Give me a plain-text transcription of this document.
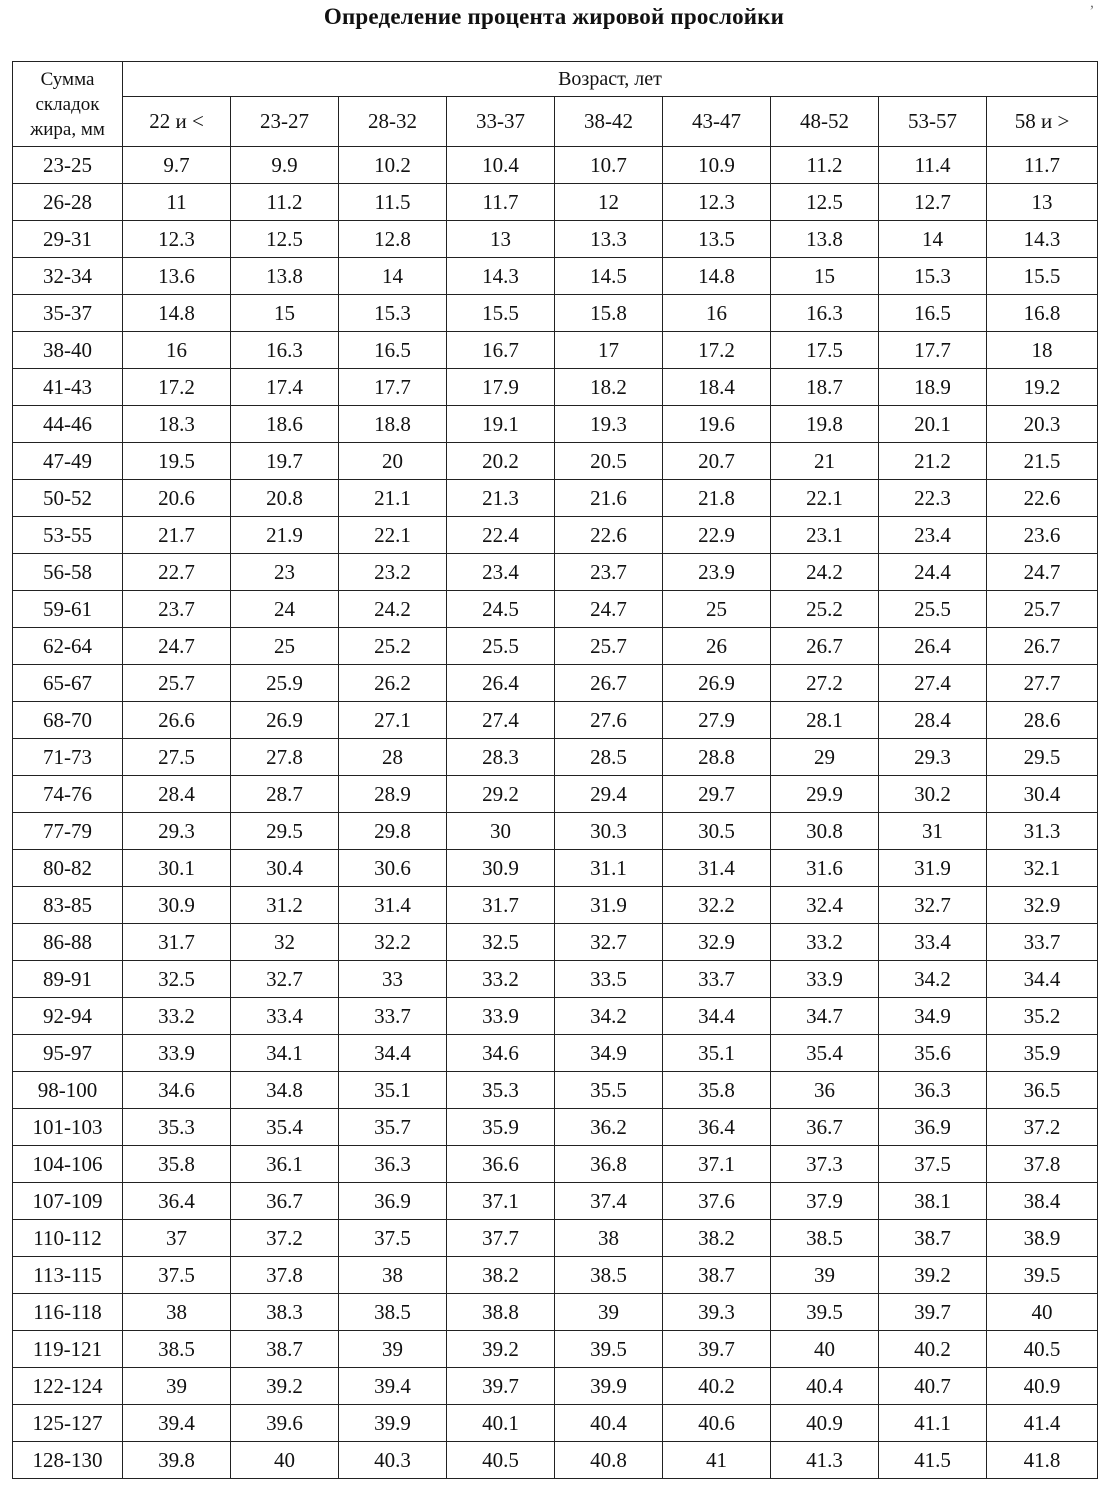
,
Определение процента жировой прослойки
Сумма
складок
жира, мм	Возраст, лет								
	22 и <	23-27	28-32	33-37	38-42	43-47	48-52	53-57	58 и >
23-25	9.7	9.9	10.2	10.4	10.7	10.9	11.2	11.4	11.7
26-28	11	11.2	11.5	11.7	12	12.3	12.5	12.7	13
29-31	12.3	12.5	12.8	13	13.3	13.5	13.8	14	14.3
32-34	13.6	13.8	14	14.3	14.5	14.8	15	15.3	15.5
35-37	14.8	15	15.3	15.5	15.8	16	16.3	16.5	16.8
38-40	16	16.3	16.5	16.7	17	17.2	17.5	17.7	18
41-43	17.2	17.4	17.7	17.9	18.2	18.4	18.7	18.9	19.2
44-46	18.3	18.6	18.8	19.1	19.3	19.6	19.8	20.1	20.3
47-49	19.5	19.7	20	20.2	20.5	20.7	21	21.2	21.5
50-52	20.6	20.8	21.1	21.3	21.6	21.8	22.1	22.3	22.6
53-55	21.7	21.9	22.1	22.4	22.6	22.9	23.1	23.4	23.6
56-58	22.7	23	23.2	23.4	23.7	23.9	24.2	24.4	24.7
59-61	23.7	24	24.2	24.5	24.7	25	25.2	25.5	25.7
62-64	24.7	25	25.2	25.5	25.7	26	26.7	26.4	26.7
65-67	25.7	25.9	26.2	26.4	26.7	26.9	27.2	27.4	27.7
68-70	26.6	26.9	27.1	27.4	27.6	27.9	28.1	28.4	28.6
71-73	27.5	27.8	28	28.3	28.5	28.8	29	29.3	29.5
74-76	28.4	28.7	28.9	29.2	29.4	29.7	29.9	30.2	30.4
77-79	29.3	29.5	29.8	30	30.3	30.5	30.8	31	31.3
80-82	30.1	30.4	30.6	30.9	31.1	31.4	31.6	31.9	32.1
83-85	30.9	31.2	31.4	31.7	31.9	32.2	32.4	32.7	32.9
86-88	31.7	32	32.2	32.5	32.7	32.9	33.2	33.4	33.7
89-91	32.5	32.7	33	33.2	33.5	33.7	33.9	34.2	34.4
92-94	33.2	33.4	33.7	33.9	34.2	34.4	34.7	34.9	35.2
95-97	33.9	34.1	34.4	34.6	34.9	35.1	35.4	35.6	35.9
98-100	34.6	34.8	35.1	35.3	35.5	35.8	36	36.3	36.5
101-103	35.3	35.4	35.7	35.9	36.2	36.4	36.7	36.9	37.2
104-106	35.8	36.1	36.3	36.6	36.8	37.1	37.3	37.5	37.8
107-109	36.4	36.7	36.9	37.1	37.4	37.6	37.9	38.1	38.4
110-112	37	37.2	37.5	37.7	38	38.2	38.5	38.7	38.9
113-115	37.5	37.8	38	38.2	38.5	38.7	39	39.2	39.5
116-118	38	38.3	38.5	38.8	39	39.3	39.5	39.7	40
119-121	38.5	38.7	39	39.2	39.5	39.7	40	40.2	40.5
122-124	39	39.2	39.4	39.7	39.9	40.2	40.4	40.7	40.9
125-127	39.4	39.6	39.9	40.1	40.4	40.6	40.9	41.1	41.4
128-130	39.8	40	40.3	40.5	40.8	41	41.3	41.5	41.8
